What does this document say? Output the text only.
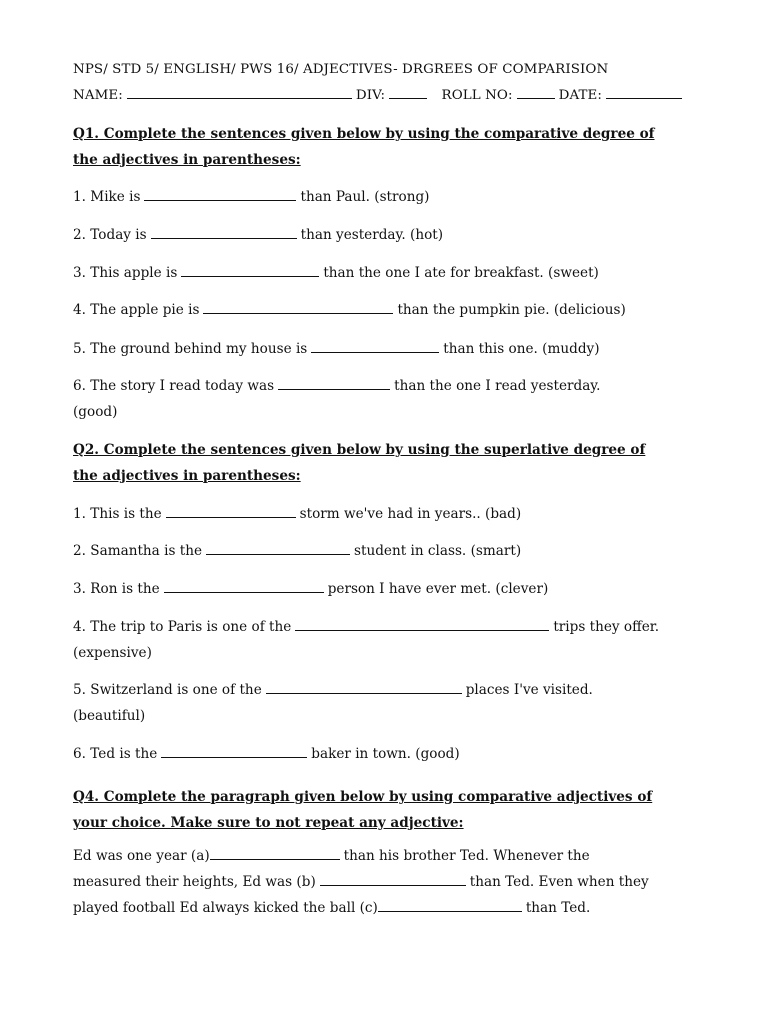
NPS/ STD 5/ ENGLISH/ PWS 16/ ADJECTIVES- DRGREES OF COMPARISION
NAME:	DIV:	ROLL NO:	DATE:
Q1. Complete the sentences given below by using the comparative degree of
the adjectives in parentheses:
1. Mike is	than Paul. (strong)
2. Today is	than yesterday. (hot)
3. This apple is	than the one I ate for breakfast. (sweet)
4. The apple pie is	than the pumpkin pie. (delicious)
5. The ground behind my house is	than this one. (muddy)
6. The story I read today was	than the one I read yesterday.
(good)
Q2. Complete the sentences given below by using the superlative degree of
the adjectives in parentheses:
1. This is the	storm we've had in years.. (bad)
2. Samantha is the	student in class. (smart)
3. Ron is the	person I have ever met. (clever)
4. The trip to Paris is one of the	trips they offer.
(expensive)
5. Switzerland is one of the	places I've visited.
(beautiful)
6. Ted is the	baker in town. (good)
Q4. Complete the paragraph given below by using comparative adjectives of
your choice. Make sure to not repeat any adjective:
Ed was one year (a)	than his brother Ted. Whenever the
measured their heights, Ed was (b)	than Ted. Even when they
played football Ed always kicked the ball (c)	than Ted.
